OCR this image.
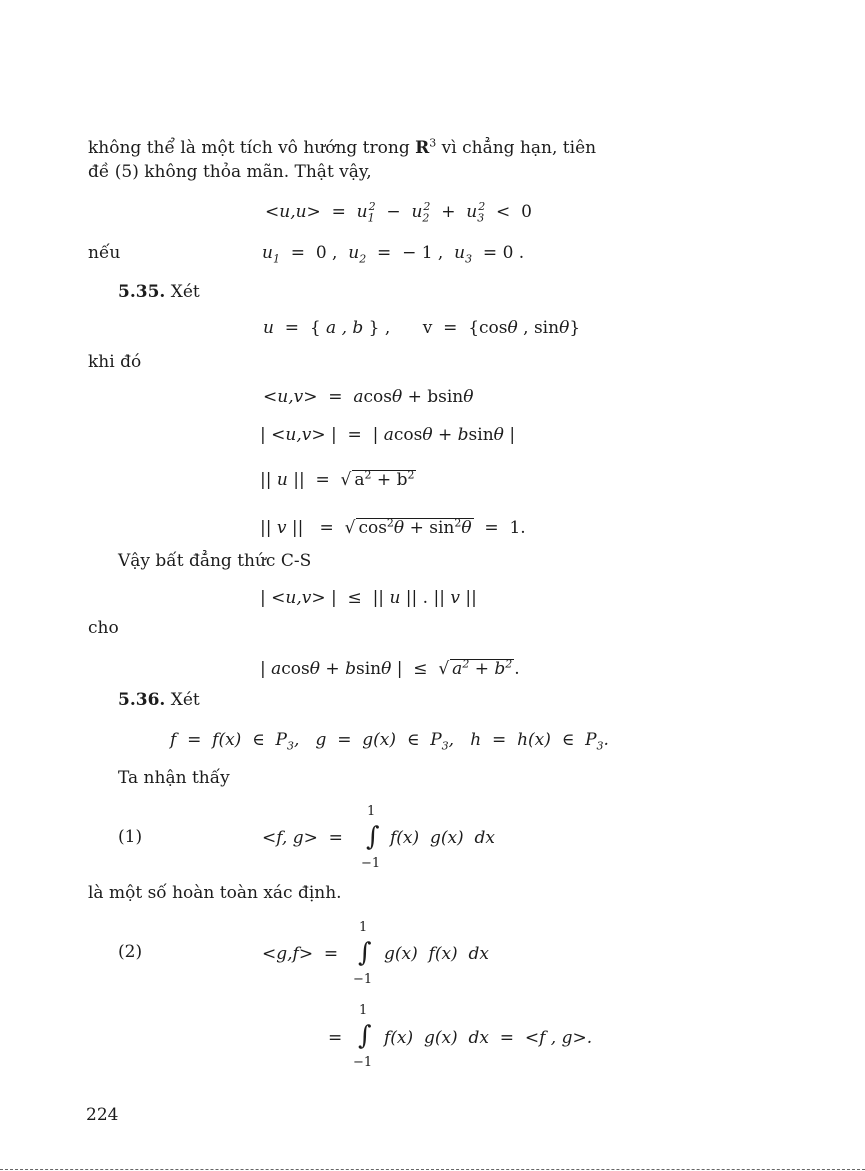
không thể là một tích vô hướng trong $R^3$ vì chẳng hạn, tiên
đề (5) không thỏa mãn. Thật vậy,
$<u,u> = u_1^2 - u_2^2 + u_3^2 < 0$
nếu	$u_1 = 0$ ,  $u_2$  =  − 1 ,  $u_3 = 0$ .
5.35. Xét
u  =  { a , b } ,      v  =  {cosθ , sinθ}
khi đó
<u,v>  =  acosθ + bsinθ
| <u,v> |  =  | acosθ + bsinθ |
|| u ||  =  √ $a^2 + b^2$
|| v ||   =  √ $\cos^2\theta + \sin^2\theta = 1$.
Vậy bất đẳng thức C-S
| <u,v> |  ≤  || u || . || v ||
cho
| acosθ + bsinθ |  ≤  √ $a^2 + b^2$ .
5.36. Xét
f  =  f(x)  ∈  $P_3$,   g  =  g(x)  ∈  $P_3$,   h  =  h(x)  ∈  $P_3$.
Ta nhận thấy
(1)
1
∫
−1
<f, g>  =	f(x)  g(x)  dx
là một số hoàn toàn xác định.
(2)
1
∫
−1
<g,f>  =	g(x)  f(x)  dx
1
∫
−1
= f(x)  g(x)  dx  =  <f , g>.
224
